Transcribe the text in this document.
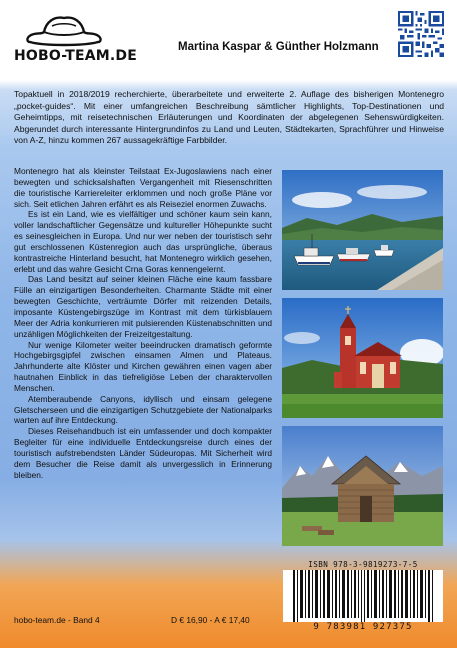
HOBO-TEAM.DE
Martina Kaspar & Günther Holzmann
Topaktuell in 2018/2019 recherchierte, überarbeitete und erweiterte 2. Auflage des bisherigen Montenegro „pocket-guides“. Mit einer umfangreichen Beschreibung sämtlicher Highlights, Top-Destinationen und Geheimtipps, mit reisetechnischen Erläuterungen und Koordinaten der abgelegenen Sehenswürdigkeiten. Abgerundet durch interessante Hintergrundinfos zu Land und Leuten, Städtekarten, Sprachführer und Hinweise von A-Z, hinzu kommen 267 aussagekräftige Farbbilder.

Montenegro hat als kleinster Teilstaat Ex-Jugoslawiens nach einer bewegten und schicksalshaften Vergangenheit mit Riesenschritten die touristische Karriereleiter erklommen und noch große Pläne vor sich. Seit etlichen Jahren erfährt es als Reiseziel enormen Zuwachs.

Es ist ein Land, wie es vielfältiger und schöner kaum sein kann, voller landschaftlicher Gegensätze und kultureller Höhepunkte sucht es seinesgleichen in Europa. Und nur wer neben der touristisch sehr gut erschlossenen Küstenregion auch das ursprüngliche, überaus kontrastreiche Hinterland besucht, hat Montenegro wirklich gesehen, erlebt und das wahre Gesicht Crna Goras kennengelernt.

Das Land besitzt auf seiner kleinen Fläche eine kaum fassbare Fülle an einzigartigen Besonderheiten. Charmante Städte mit einer bewegten Geschichte, verträumte Dörfer mit reizenden Details, imposante Küstengebirgszüge im Kontrast mit dem türkisblauem Meer der Adria konkurrieren mit pulsierenden Küstenabschnitten und unzähligen Möglichkeiten der Freizeitgestaltung.

Nur wenige Kilometer weiter beeindrucken dramatisch geformte Hochgebirgsgipfel zwischen einsamen Almen und Plateaus. Jahrhunderte alte Klöster und Kirchen gewähren einen vagen aber hautnahen Einblick in das tiefreligiöse Leben der charaktervollen Menschen.

Atemberaubende Canyons, idyllisch und einsam gelegene Gletscherseen und die einzigartigen Schutzgebiete der Nationalparks warten auf ihre Entdeckung.

Dieses Reisehandbuch ist ein umfassender und doch kompakter Begleiter für eine individuelle Entdeckungsreise durch eines der touristisch aufstrebendsten Länder Südeuropas. Mit Sicherheit wird dem Besucher die Reise damit als unvergesslich in Erinnerung bleiben.

ISBN 978-3-9819273-7-5
9 783981 927375
hobo-team.de - Band 4	D € 16,90 - A € 17,40
